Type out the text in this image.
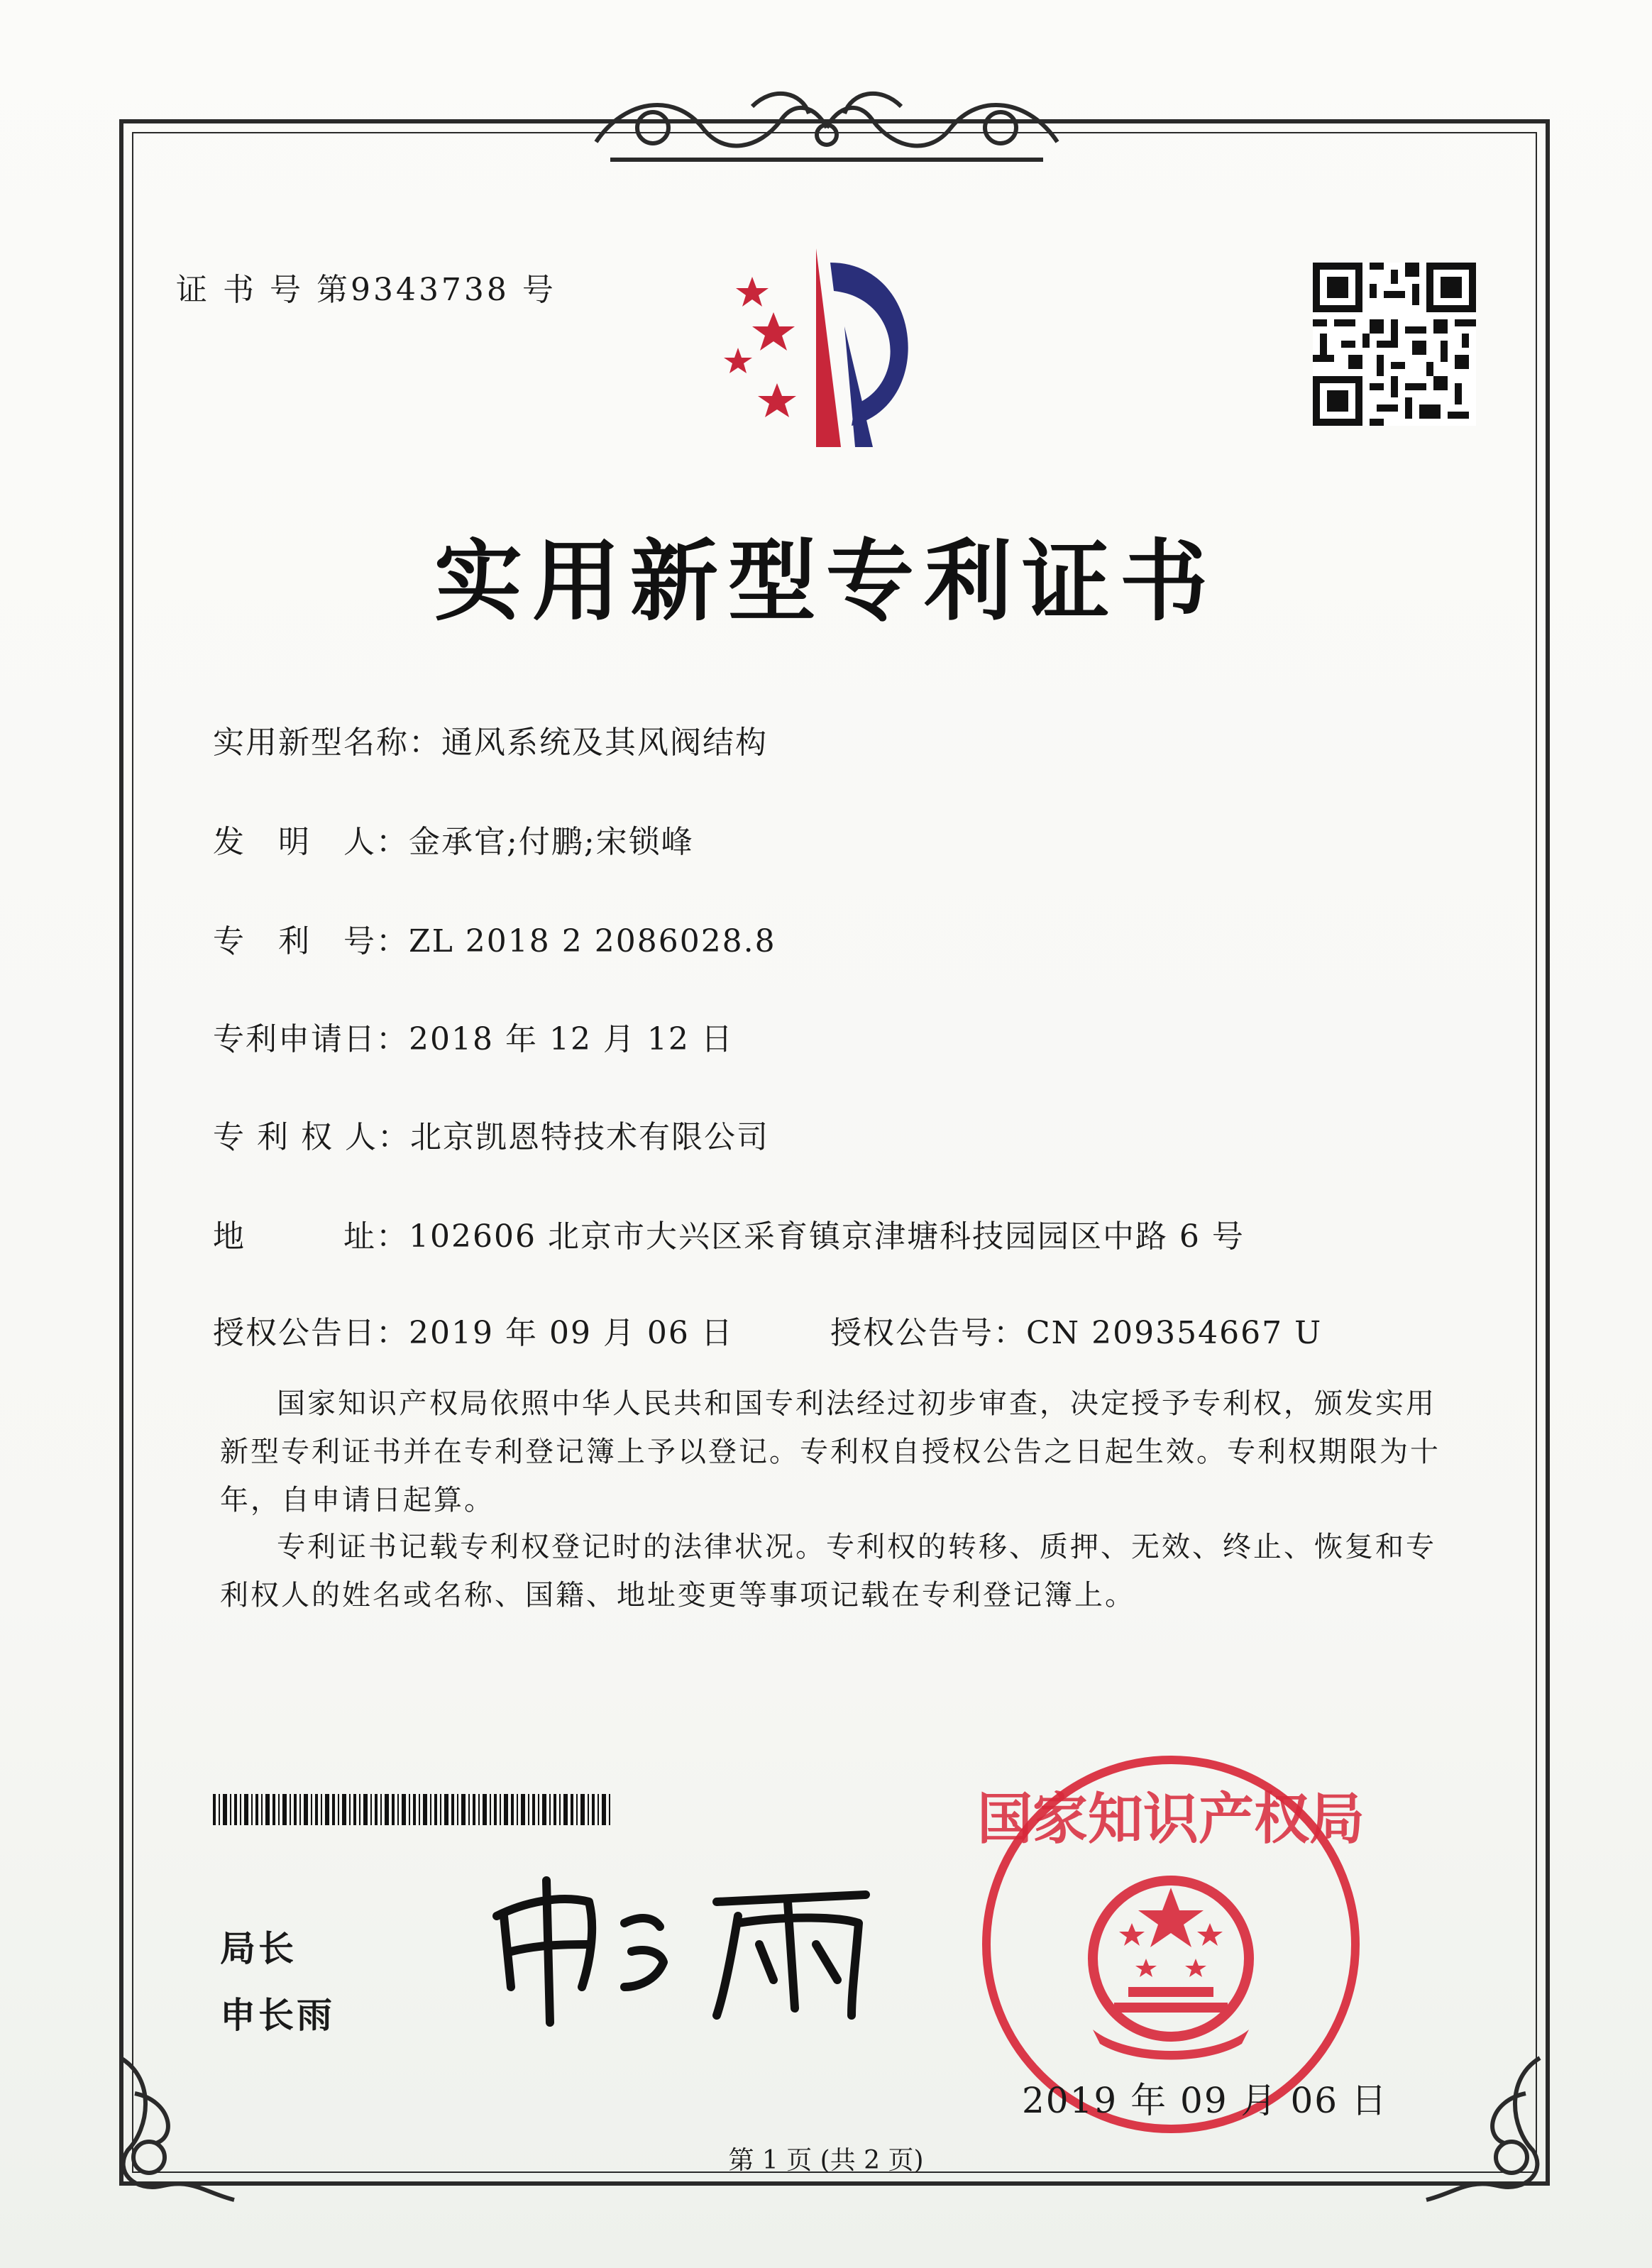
证 书 号 第9343738 号
实用新型专利证书
实用新型名称：通风系统及其风阀结构
发　明　人：金承官;付鹏;宋锁峰
专　利　号：ZL 2018 2 2086028.8
专利申请日：2018 年 12 月 12 日
专 利 权 人：北京凯恩特技术有限公司
地　　　址：102606 北京市大兴区采育镇京津塘科技园园区中路 6 号
授权公告日：2019 年 09 月 06 日	授权公告号：CN 209354667 U
国家知识产权局依照中华人民共和国专利法经过初步审查，决定授予专利权，颁发实用新型专利证书并在专利登记簿上予以登记。专利权自授权公告之日起生效。专利权期限为十年，自申请日起算。
专利证书记载专利权登记时的法律状况。专利权的转移、质押、无效、终止、恢复和专利权人的姓名或名称、国籍、地址变更等事项记载在专利登记簿上。
局长
申长雨
国家知识产权局
2019 年 09 月 06 日
第 1 页 (共 2 页)
